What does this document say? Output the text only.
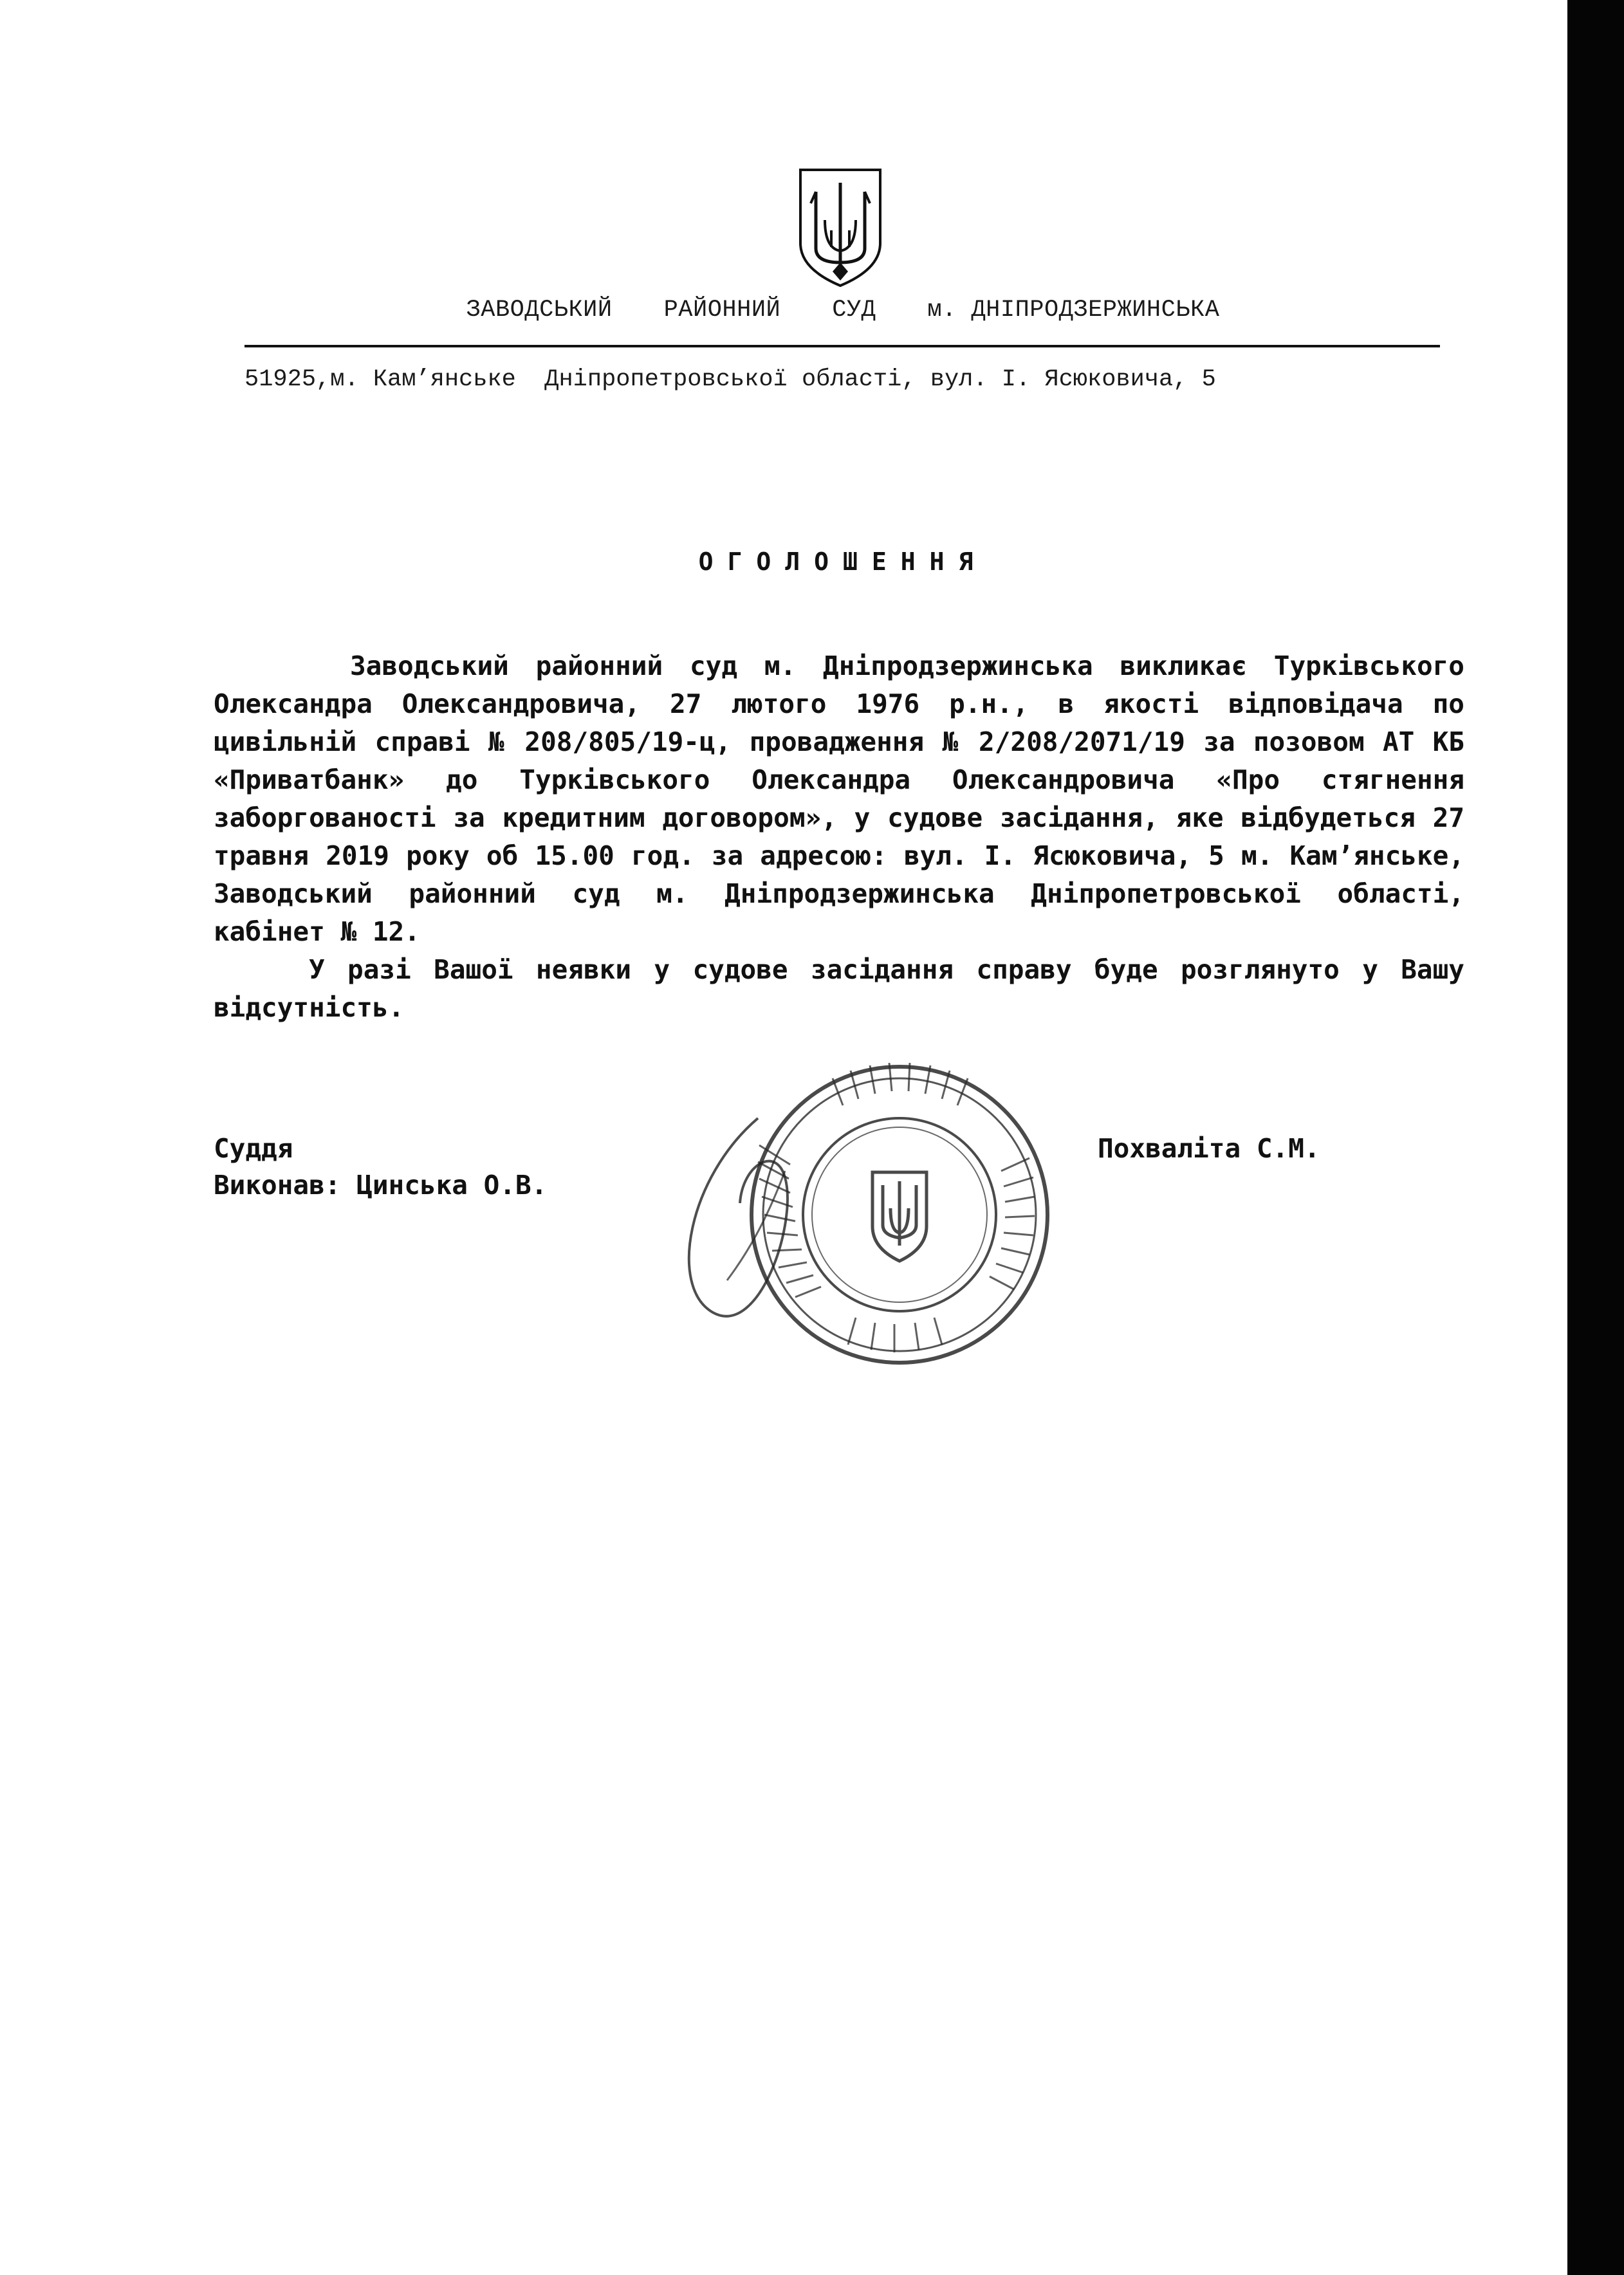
ЗАВОДСЬКИЙ РАЙОННИЙ СУД м. ДНІПРОДЗЕРЖИНСЬКА
51925,м. Кам’янське  Дніпропетровської області, вул. І. Ясюковича, 5
ОГОЛОШЕННЯ

Заводський районний суд м. Дніпродзержинська викликає Турківського Олександра Олександровича, 27 лютого 1976 р.н., в якості відповідача по цивільній справі № 208/805/19-ц, провадження № 2/208/2071/19 за позовом АТ КБ «Приватбанк» до Турківського Олександра Олександровича «Про стягнення заборгованості за кредитним договором», у судове засідання, яке відбудеться 27 травня 2019 року об 15.00 год. за адресою: вул. І. Ясюковича, 5 м. Кам’янське, Заводський районний суд м. Дніпродзержинська Дніпропетровської області, кабінет № 12.

У разі Вашої неявки у судове засідання справу буде розглянуто у Вашу відсутність.

Суддя
Виконав: Цинська О.В.
Похваліта С.М.
